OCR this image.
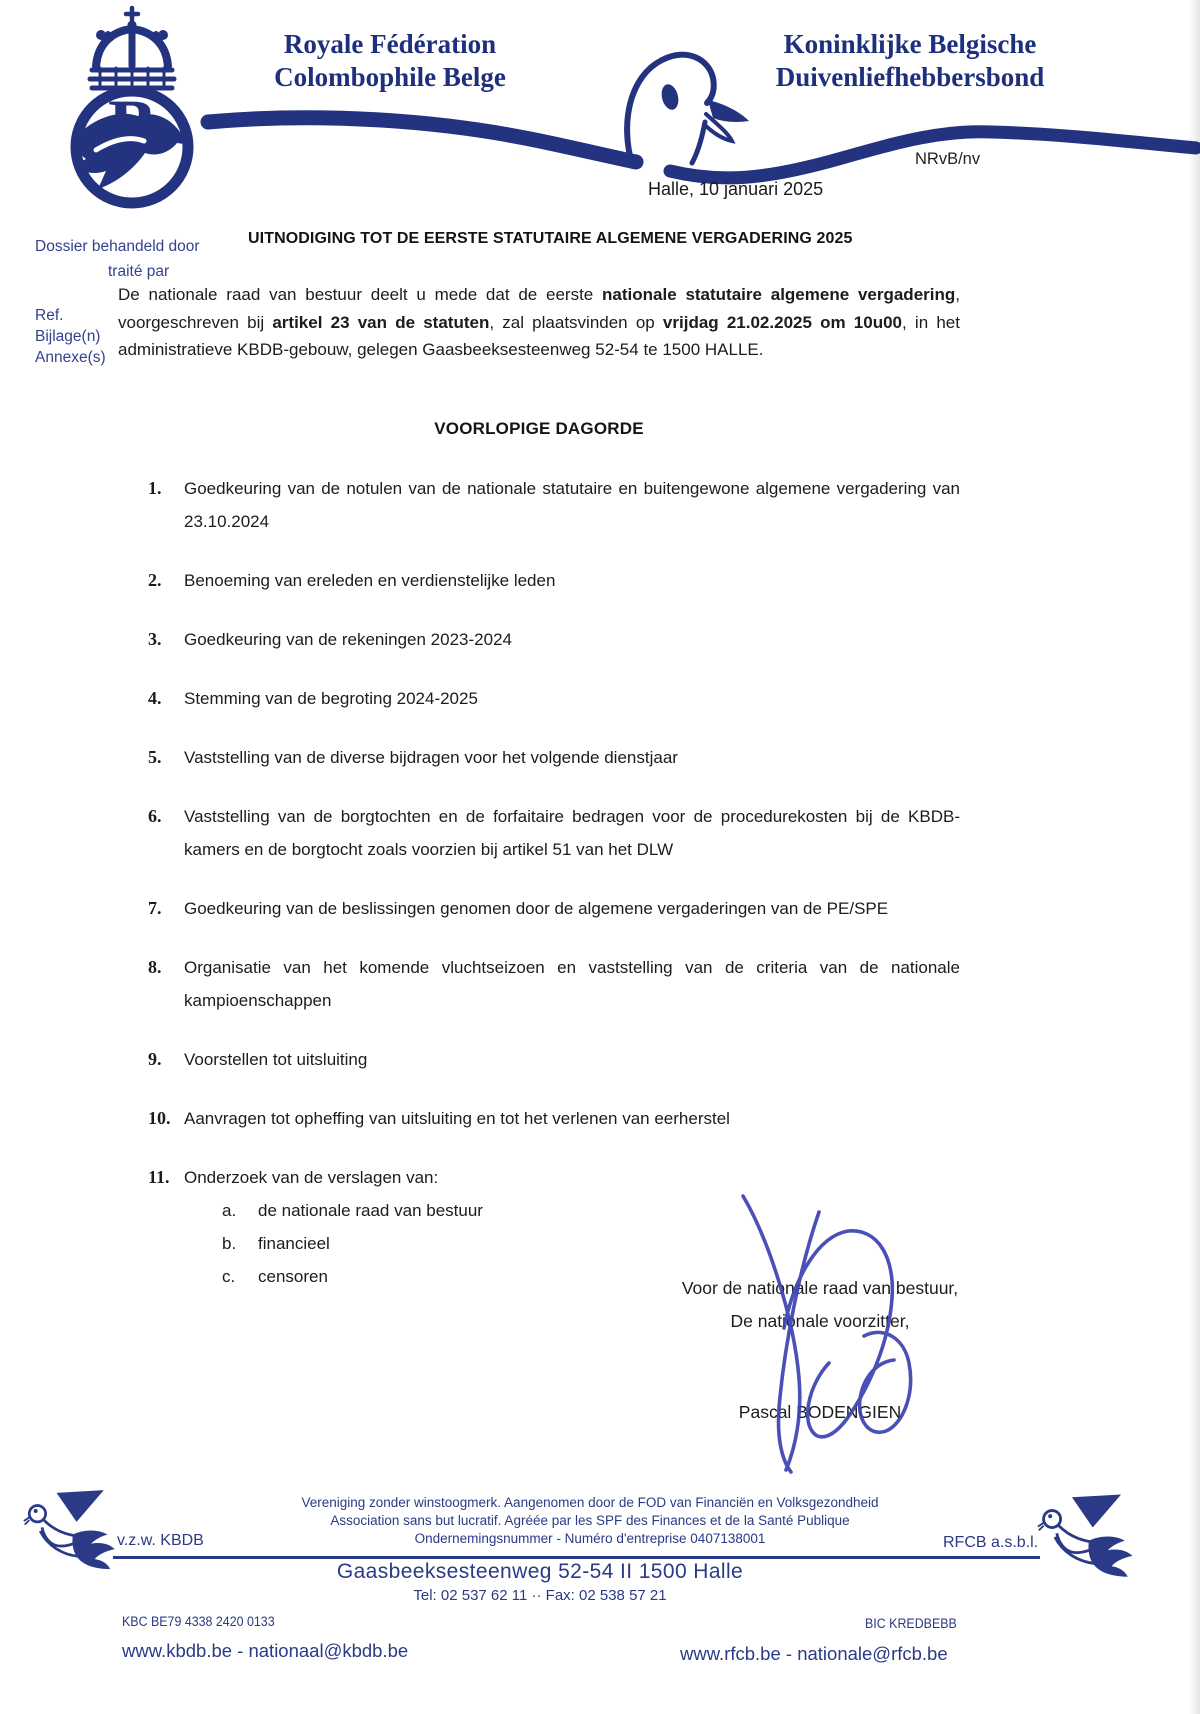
Royale Fédération
Colombophile Belge
Koninklijke Belgische
Duivenliefhebbersbond
NRvB/nv
Halle, 10 januari 2025
Dossier behandeld door
traité par
Ref.
Bijlage(n)
Annexe(s)
UITNODIGING TOT DE EERSTE STATUTAIRE ALGEMENE VERGADERING 2025

De nationale raad van bestuur deelt u mede dat de eerste nationale statutaire algemene vergadering, voorgeschreven bij artikel 23 van de statuten, zal plaatsvinden op vrijdag 21.02.2025 om 10u00, in het administratieve KBDB-gebouw, gelegen Gaasbeeksesteenweg 52-54 te 1500 HALLE.

VOORLOPIGE DAGORDE
1.	Goedkeuring van de notulen van de nationale statutaire en buitengewone algemene vergadering van 23.10.2024
2.	Benoeming van ereleden en verdienstelijke leden
3.	Goedkeuring van de rekeningen 2023-2024
4.	Stemming van de begroting 2024-2025
5.	Vaststelling van de diverse bijdragen voor het volgende dienstjaar
6.	Vaststelling van de borgtochten en de forfaitaire bedragen voor de procedurekosten bij de KBDB-kamers en de borgtocht zoals voorzien bij artikel 51 van het DLW
7.	Goedkeuring van de beslissingen genomen door de algemene vergaderingen van de PE/SPE
8.	Organisatie van het komende vluchtseizoen en vaststelling van de criteria van de nationale kampioenschappen
9.	Voorstellen tot uitsluiting
10. Aanvragen tot opheffing van uitsluiting en tot het verlenen van eerherstel
11. Onderzoek van de verslagen van:
a.	de nationale raad van bestuur
b.	financieel
c.	censoren
Voor de nationale raad van bestuur,
De nationale voorzitter,
Pascal BODENGIEN
v.z.w. KBDB	RFCB a.s.b.l.
Vereniging zonder winstoogmerk. Aangenomen door de FOD van Financiën en Volksgezondheid
Association sans but lucratif. Agréée par les SPF des Finances et de la Santé Publique
Ondernemingsnummer - Numéro d'entreprise 0407138001
Gaasbeeksesteenweg 52-54 II 1500 Halle
Tel: 02 537 62 11 ·· Fax: 02 538 57 21
KBC BE79 4338 2420 0133	BIC KREDBEBB
www.kbdb.be - nationaal@kbdb.be	www.rfcb.be - nationale@rfcb.be
